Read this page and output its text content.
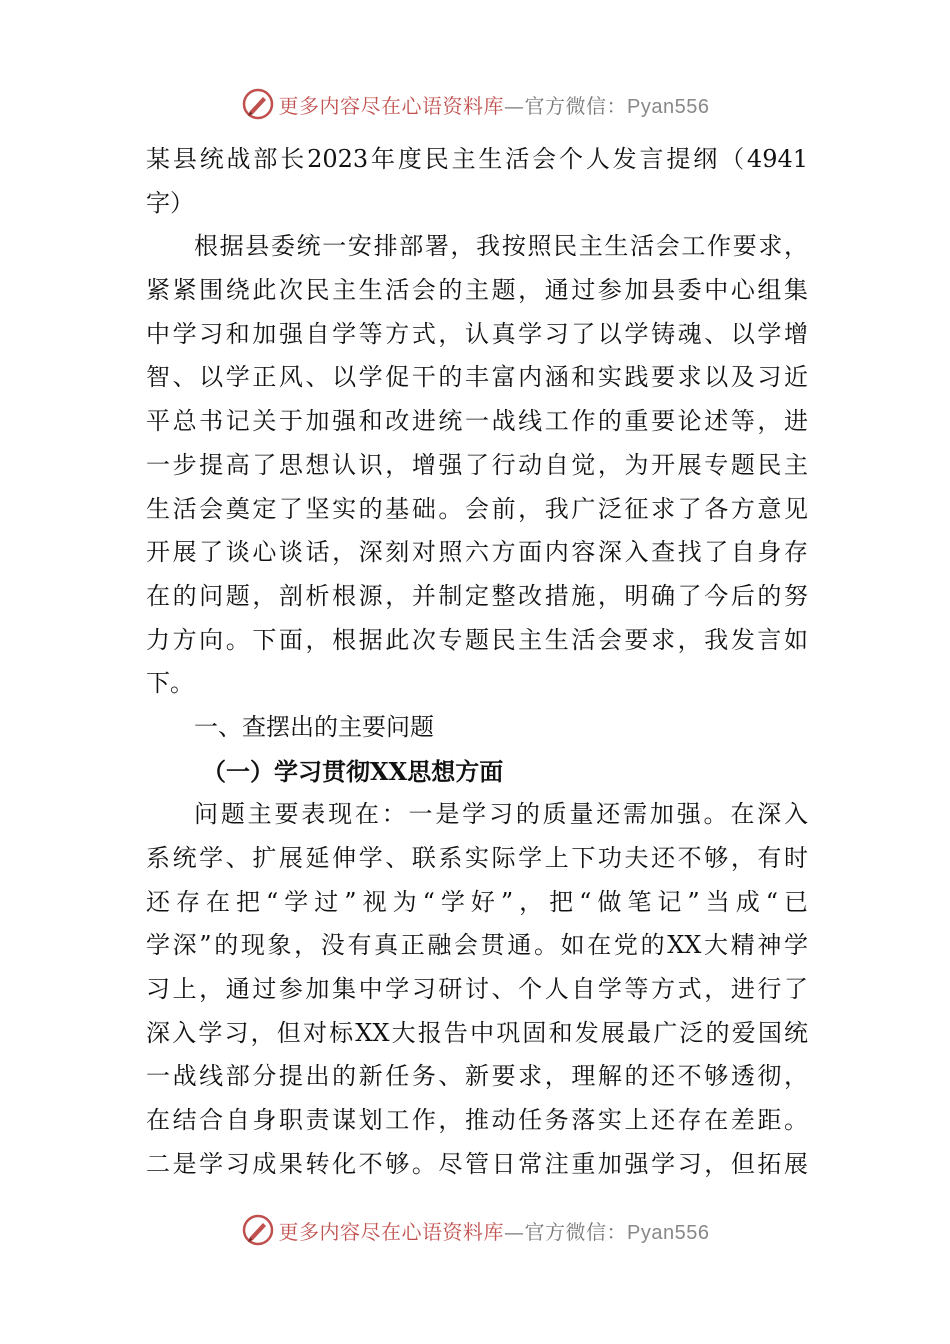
更多内容尽在心语资料库—官方微信：Pyan556
某县统战部长2023年度民主生活会个人发言提纲（4941
字）
根据县委统一安排部署，我按照民主生活会工作要求，
紧紧围绕此次民主生活会的主题，通过参加县委中心组集
中学习和加强自学等方式，认真学习了以学铸魂、以学增
智、以学正风、以学促干的丰富内涵和实践要求以及习近
平总书记关于加强和改进统一战线工作的重要论述等，进
一步提高了思想认识，增强了行动自觉，为开展专题民主
生活会奠定了坚实的基础。会前，我广泛征求了各方意见
开展了谈心谈话，深刻对照六方面内容深入查找了自身存
在的问题，剖析根源，并制定整改措施，明确了今后的努
力方向。下面，根据此次专题民主生活会要求，我发言如
下。
一、查摆出的主要问题
（一）学习贯彻XX思想方面
问题主要表现在：一是学习的质量还需加强。在深入
系统学、扩展延伸学、联系实际学上下功夫还不够，有时
还存在把“学过”视为“学好”，把“做笔记”当成“已
学深”的现象，没有真正融会贯通。如在党的XX大精神学
习上，通过参加集中学习研讨、个人自学等方式，进行了
深入学习，但对标XX大报告中巩固和发展最广泛的爱国统
一战线部分提出的新任务、新要求，理解的还不够透彻，
在结合自身职责谋划工作，推动任务落实上还存在差距。
二是学习成果转化不够。尽管日常注重加强学习，但拓展
更多内容尽在心语资料库—官方微信：Pyan556
